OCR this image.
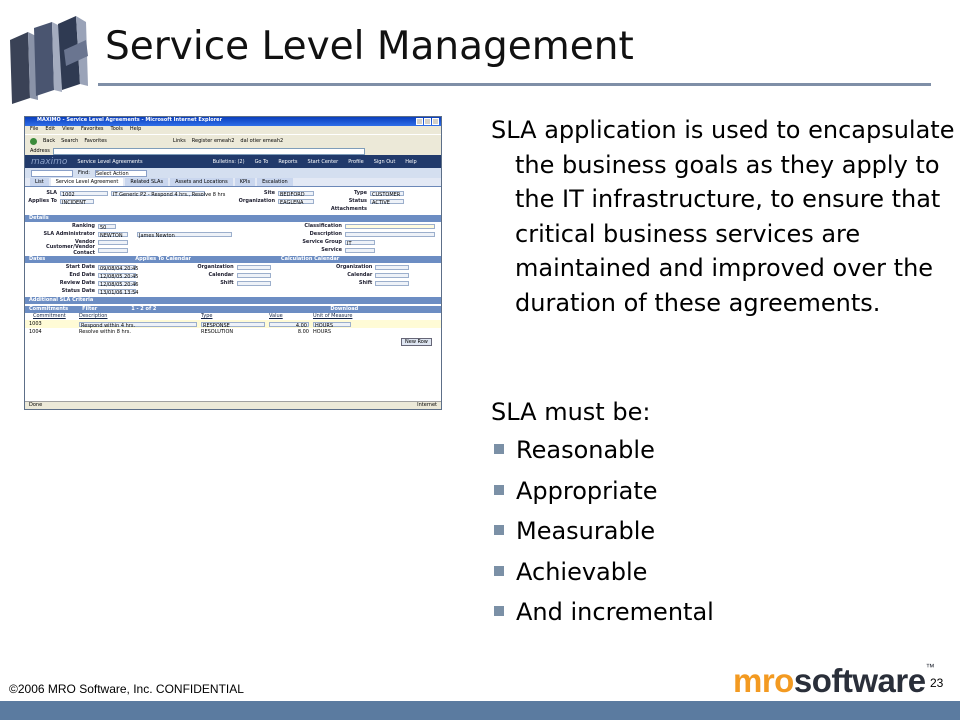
Service Level Management
MAXIMO - Service Level Agreements - Microsoft Internet Explorer
File Edit View Favorites Tools Help
Back Search Favorites	Links Register emeah2 dal otier emeah2
Address
maximo Service Level Agreements	Bulletins: (2) Go To Reports Start Center Profile Sign Out Help
Find: Select Action
List	Service Level Agreement	Related SLAs	Assets and Locations	KPIs	Escalation
SLA	1002	IT Generic P2 - Respond 4 hrs., Resolve 8 hrs
Applies To	INCIDENT
Site	BEDFORD
Organization	EAGLENA
Type	CUSTOMER
Status	ACTIVE
Attachments
Details
Ranking	50
SLA Administrator	NEWTON	James Newton
Vendor
Customer/Vendor Contact
Classification
Description
Service Group	IT
Service
Dates	Applies To Calendar	Calculation Calendar
Start Date	09/08/04 20:45
End Date	12/08/05 20:45
Review Date	12/08/05 20:46
Status Date	13/01/06 13:54
Organization
Calendar
Shift
Organization
Calendar
Shift
Additional SLA Criteria
Commitments	Filter	1 - 2 of 2	Download
Commitment	Description	Type	Value	Unit of Measure
1003	Respond within 4 hrs.	RESPONSE	4.00	HOURS
1004	Resolve within 8 hrs.	RESOLUTION	8.00 HOURS
New Row
Done	Internet

SLA application is used to encapsulate the business goals as they apply to the IT infrastructure, to ensure that critical business services are maintained and improved over the duration of these agreements.

SLA must be:

Reasonable
Appropriate
Measurable
Achievable
And incremental
mrosoftware™
23
©2006 MRO Software, Inc. CONFIDENTIAL
